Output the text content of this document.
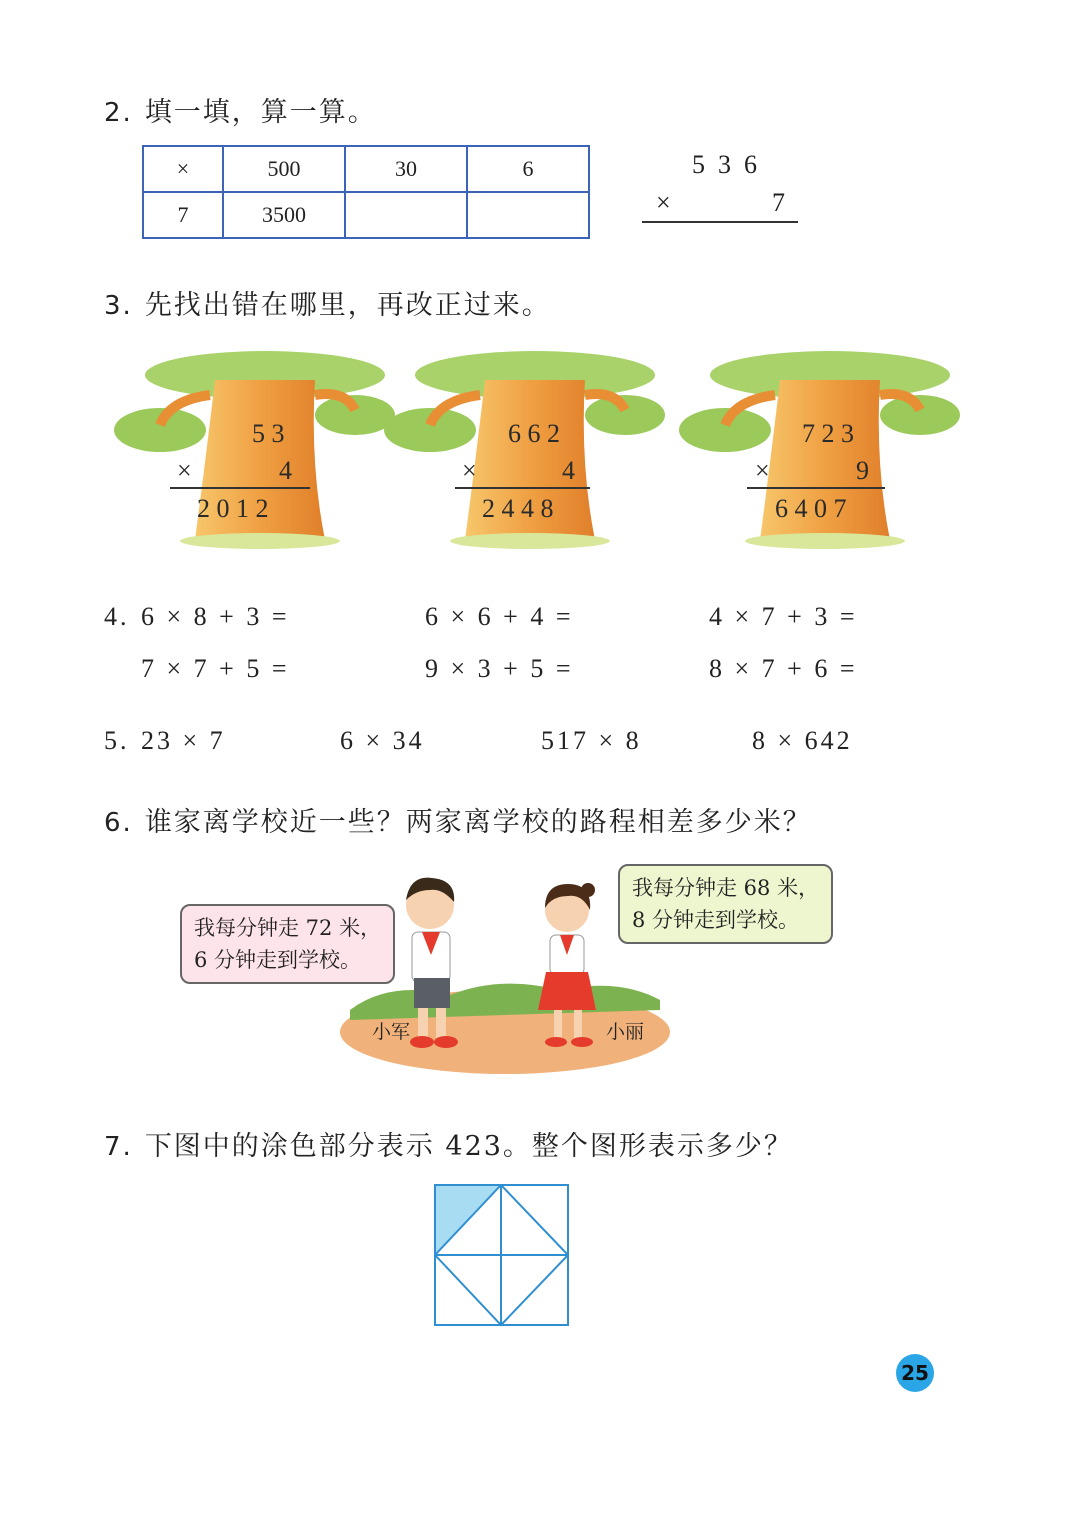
2. 填一填，算一算。
×	500	30	6
7	3500		
5  3  6
×	7
3. 先找出错在哪里，再改正过来。
5 3
×	4
2 0 1 2
6 6 2
×	4
2 4 4 8
7 2 3
×	9
6 4 0 7
4. 6 × 8 + 3 =	6 × 6 + 4 =	4 × 7 + 3 =
7 × 7 + 5 =	9 × 3 + 5 =	8 × 7 + 6 =
5. 23 × 7	6 × 34	517 × 8	8 × 642
6. 谁家离学校近一些？两家离学校的路程相差多少米？
小军	小丽
我每分钟走 72 米，
6 分钟走到学校。
我每分钟走 68 米，
8 分钟走到学校。
7. 下图中的涂色部分表示 423。整个图形表示多少？
25
